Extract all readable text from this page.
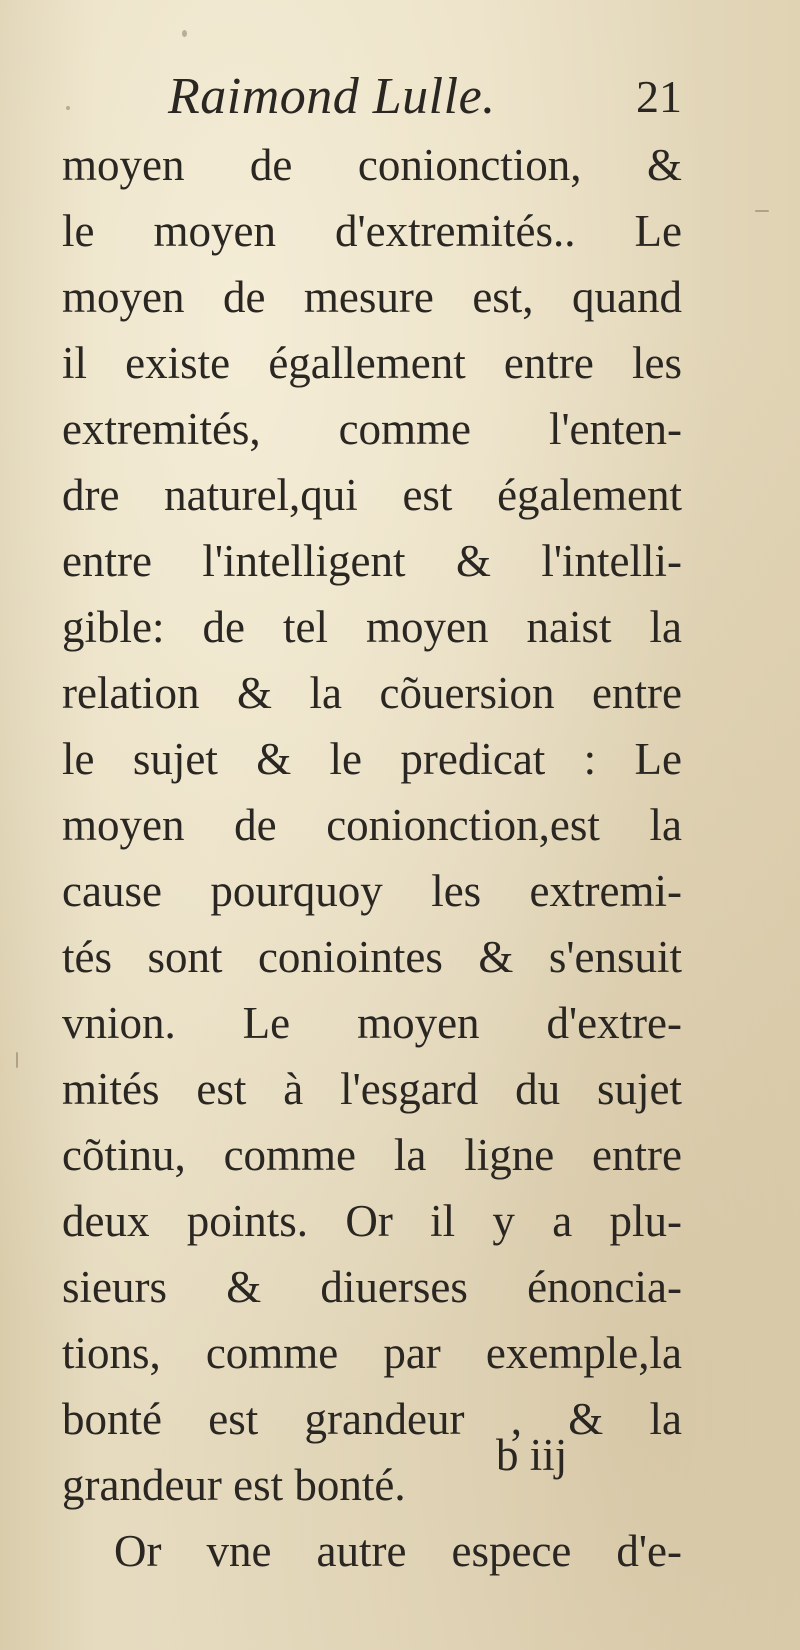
Raimond Lulle.	21
moyen de conionction, &
le moyen d'extremités.. Le
moyen de mesure est, quand
il existe égallement entre les
extremités, comme l'enten-
dre naturel,qui est également
entre l'intelligent & l'intelli-
gible: de tel moyen naist la
relation & la cõuersion entre
le sujet & le predicat : Le
moyen de conionction,est la
cause pourquoy les extremi-
tés sont coniointes & s'ensuit
vnion. Le moyen d'extre-
mités est à l'esgard du sujet
cõtinu, comme la ligne entre
deux points. Or il y a plu-
sieurs & diuerses énoncia-
tions, comme par exemple,la
bonté est grandeur , & la
grandeur est bonté.
Or vne autre espece d'e-
b iij
